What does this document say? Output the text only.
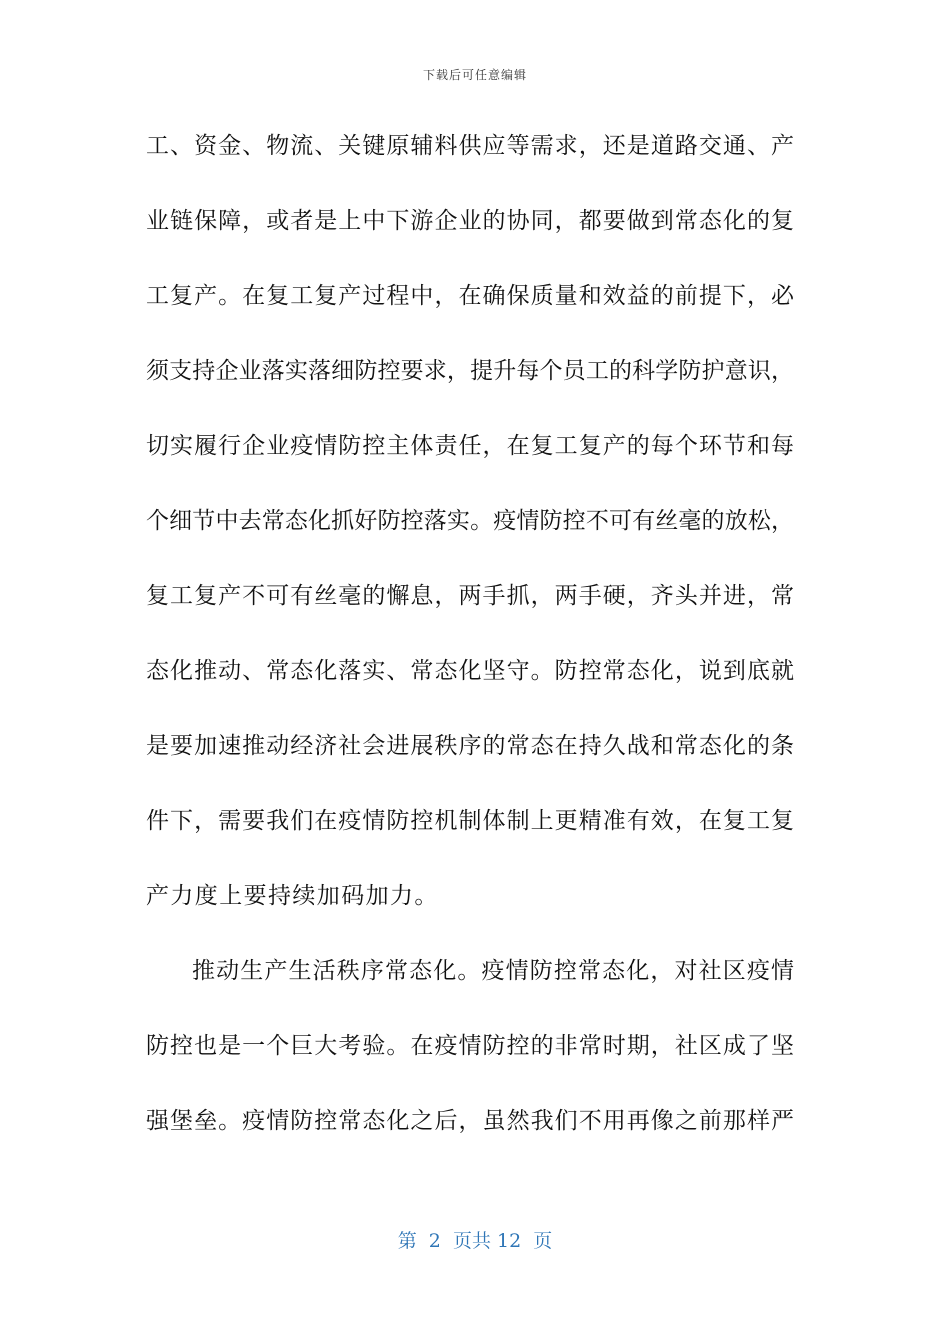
下载后可任意编辑
工、资金、物流、关键原辅料供应等需求，还是道路交通、产
业链保障，或者是上中下游企业的协同，都要做到常态化的复
工复产。在复工复产过程中，在确保质量和效益的前提下，必
须支持企业落实落细防控要求，提升每个员工的科学防护意识，
切实履行企业疫情防控主体责任，在复工复产的每个环节和每
个细节中去常态化抓好防控落实。疫情防控不可有丝毫的放松，
复工复产不可有丝毫的懈息，两手抓，两手硬，齐头并进，常
态化推动、常态化落实、常态化坚守。防控常态化，说到底就
是要加速推动经济社会进展秩序的常态在持久战和常态化的条
件下，需要我们在疫情防控机制体制上更精准有效，在复工复
产力度上要持续加码加力。
推动生产生活秩序常态化。疫情防控常态化，对社区疫情
防控也是一个巨大考验。在疫情防控的非常时期，社区成了坚
强堡垒。疫情防控常态化之后，虽然我们不用再像之前那样严
第  2  页共 12  页
